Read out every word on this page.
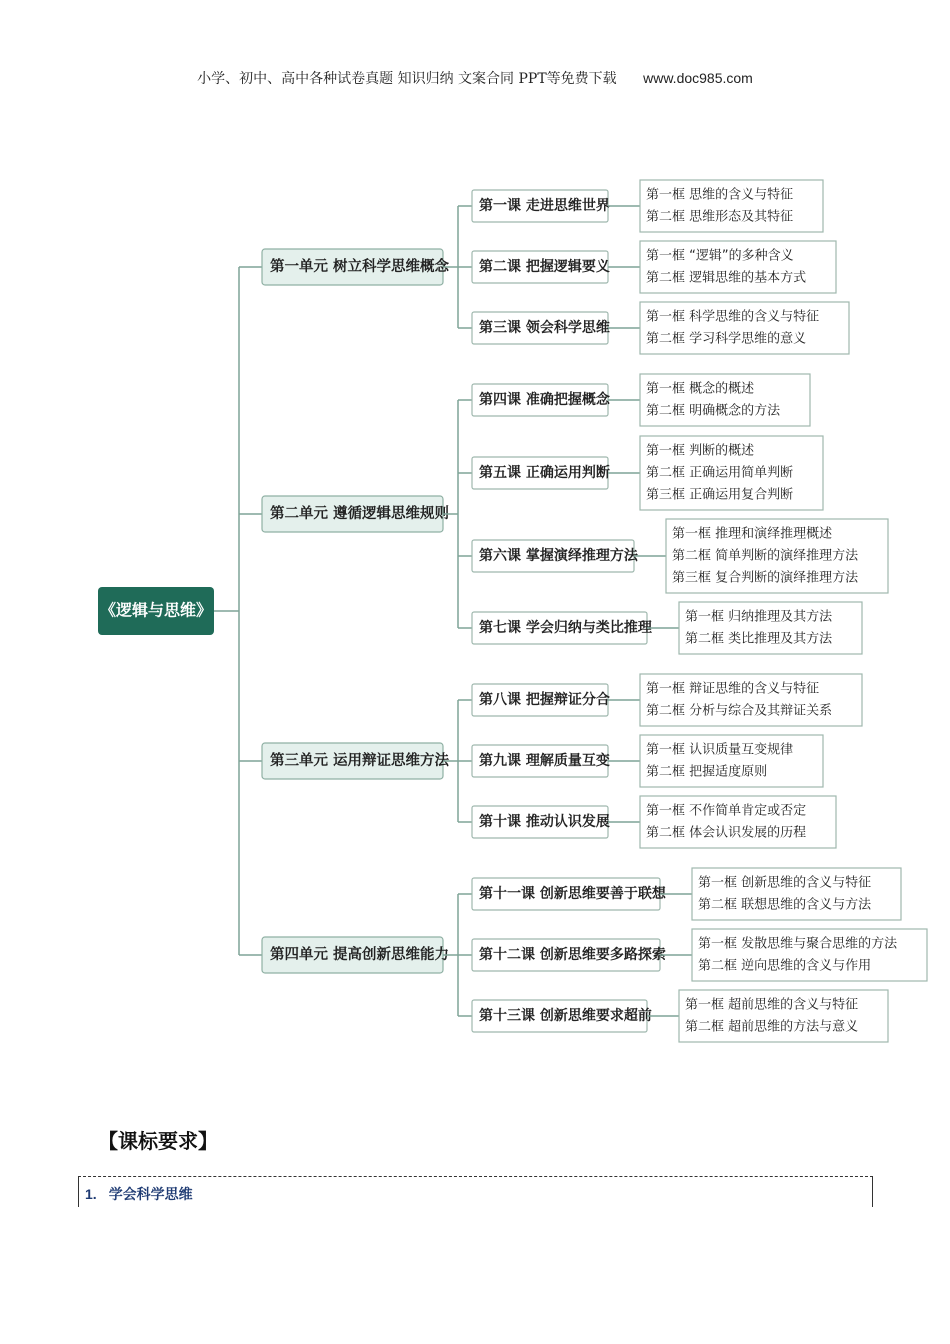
小学、初中、高中各种试卷真题 知识归纳 文案合同 PPT等免费下载 www.doc985.com
《逻辑与思维》
第一单元 树立科学思维概念
第一课 走进思维世界
第一框 思维的含义与特征
第二框 思维形态及其特征
第二课 把握逻辑要义
第一框 “逻辑”的多种含义
第二框 逻辑思维的基本方式
第三课 领会科学思维
第一框 科学思维的含义与特征
第二框 学习科学思维的意义
第二单元 遵循逻辑思维规则
第四课 准确把握概念
第一框 概念的概述
第二框 明确概念的方法
第五课 正确运用判断
第一框 判断的概述
第二框 正确运用简单判断
第三框 正确运用复合判断
第六课 掌握演绎推理方法
第一框 推理和演绎推理概述
第二框 简单判断的演绎推理方法
第三框 复合判断的演绎推理方法
第七课 学会归纳与类比推理
第一框 归纳推理及其方法
第二框 类比推理及其方法
第三单元 运用辩证思维方法
第八课 把握辩证分合
第一框 辩证思维的含义与特征
第二框 分析与综合及其辩证关系
第九课 理解质量互变
第一框 认识质量互变规律
第二框 把握适度原则
第十课 推动认识发展
第一框 不作简单肯定或否定
第二框 体会认识发展的历程
第四单元 提高创新思维能力
第十一课 创新思维要善于联想
第一框 创新思维的含义与特征
第二框 联想思维的含义与方法
第十二课 创新思维要多路探索
第一框 发散思维与聚合思维的方法
第二框 逆向思维的含义与作用
第十三课 创新思维要求超前
第一框 超前思维的含义与特征
第二框 超前思维的方法与意义
【课标要求】
1. 学会科学思维
